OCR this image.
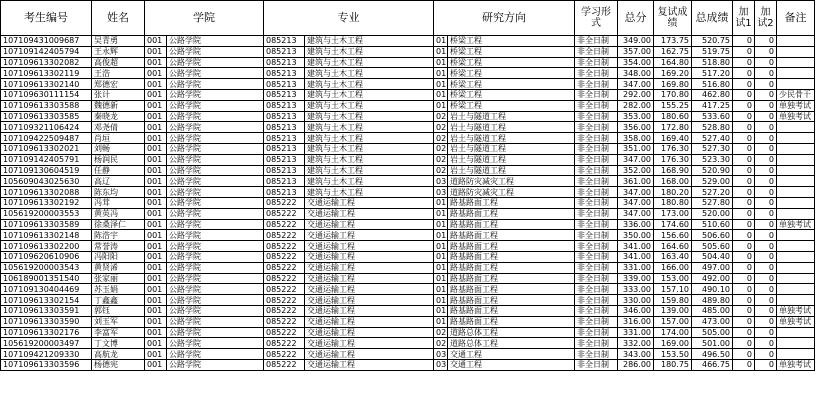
考生编号	姓名	学院		专业		研究方向		学习形式	总分	复试成绩	总成绩	加试1	加试2	备注
107109431009687	吴青勇	001	公路学院	085213	建筑与土木工程	01	桥梁工程	非全日制	349.00	173.75	520.75	0	0	
107109142405794	王永辉	001	公路学院	085213	建筑与土木工程	01	桥梁工程	非全日制	357.00	162.75	519.75	0	0	
107109613302082	高俊超	001	公路学院	085213	建筑与土木工程	01	桥梁工程	非全日制	354.00	164.80	518.80	0	0	
107109613302119	王浩	001	公路学院	085213	建筑与土木工程	01	桥梁工程	非全日制	348.00	169.20	517.20	0	0	
107109613302140	郑德宏	001	公路学院	085213	建筑与土木工程	01	桥梁工程	非全日制	347.00	169.80	516.80	0	0	
107109630111154	张计	001	公路学院	085213	建筑与土木工程	01	桥梁工程	非全日制	292.00	170.80	462.80	0	0	少民骨干
107109613303588	魏德新	001	公路学院	085213	建筑与土木工程	01	桥梁工程	非全日制	282.00	155.25	417.25	0	0	单独考试
107109613303585	秦晓龙	001	公路学院	085213	建筑与土木工程	02	岩土与隧道工程	非全日制	353.00	180.60	533.60	0	0	单独考试
107109321106424	邓尧倩	001	公路学院	085213	建筑与土木工程	02	岩土与隧道工程	非全日制	356.00	172.80	528.80	0	0	
107109422509487	肖垣	001	公路学院	085213	建筑与土木工程	02	岩土与隧道工程	非全日制	358.00	169.40	527.40	0	0	
107109613302021	刘畅	001	公路学院	085213	建筑与土木工程	02	岩土与隧道工程	非全日制	351.00	176.30	527.30	0	0	
107109142405791	杨润民	001	公路学院	085213	建筑与土木工程	02	岩土与隧道工程	非全日制	347.00	176.30	523.30	0	0	
107109130604519	任静	001	公路学院	085213	建筑与土木工程	02	岩土与隧道工程	非全日制	352.00	168.90	520.90	0	0	
105609043025630	高辽	001	公路学院	085213	建筑与土木工程	03	道路防灾减灾工程	非全日制	361.00	168.00	529.00	0	0	
107109613302088	陈东均	001	公路学院	085213	建筑与土木工程	03	道路防灾减灾工程	非全日制	347.00	180.20	527.20	0	0	
107109613302192	冯茸	001	公路学院	085222	交通运输工程	01	路基路面工程	非全日制	347.00	180.80	527.80	0	0	
105619200003553	黄英冯	001	公路学院	085222	交通运输工程	01	路基路面工程	非全日制	347.00	173.00	520.00	0	0	
107109613303589	徐桑泽仁	001	公路学院	085222	交通运输工程	01	路基路面工程	非全日制	336.00	174.60	510.60	0	0	单独考试
107109613302148	陈浩宇	001	公路学院	085222	交通运输工程	01	路基路面工程	非全日制	350.00	156.60	506.60	0	0	
107109613302200	常誉涛	001	公路学院	085222	交通运输工程	01	路基路面工程	非全日制	341.00	164.60	505.60	0	0	
107109620610906	冯阳阳	001	公路学院	085222	交通运输工程	01	路基路面工程	非全日制	341.00	163.40	504.40	0	0	
105619200003543	黄贤浠	001	公路学院	085222	交通运输工程	01	路基路面工程	非全日制	331.00	166.00	497.00	0	0	
106189001351540	张家丽	001	公路学院	085222	交通运输工程	01	路基路面工程	非全日制	339.00	153.00	492.00	0	0	
107109130404469	苏玉娟	001	公路学院	085222	交通运输工程	01	路基路面工程	非全日制	333.00	157.10	490.10	0	0	
107109613302154	丁鑫鑫	001	公路学院	085222	交通运输工程	01	路基路面工程	非全日制	330.00	159.80	489.80	0	0	
107109613303591	郭钰	001	公路学院	085222	交通运输工程	01	路基路面工程	非全日制	346.00	139.00	485.00	0	0	单独考试
107109613303590	刘玉军	001	公路学院	085222	交通运输工程	01	路基路面工程	非全日制	316.00	157.00	473.00	0	0	单独考试
107109613302176	李富军	001	公路学院	085222	交通运输工程	02	道路总体工程	非全日制	331.00	174.00	505.00	0	0	
105619200003497	丁文博	001	公路学院	085222	交通运输工程	02	道路总体工程	非全日制	332.00	169.00	501.00	0	0	
107109421209330	高航龙	001	公路学院	085222	交通运输工程	03	交通工程	非全日制	343.00	153.50	496.50	0	0	
107109613303596	杨德宪	001	公路学院	085222	交通运输工程	03	交通工程	非全日制	286.00	180.75	466.75	0	0	单独考试
